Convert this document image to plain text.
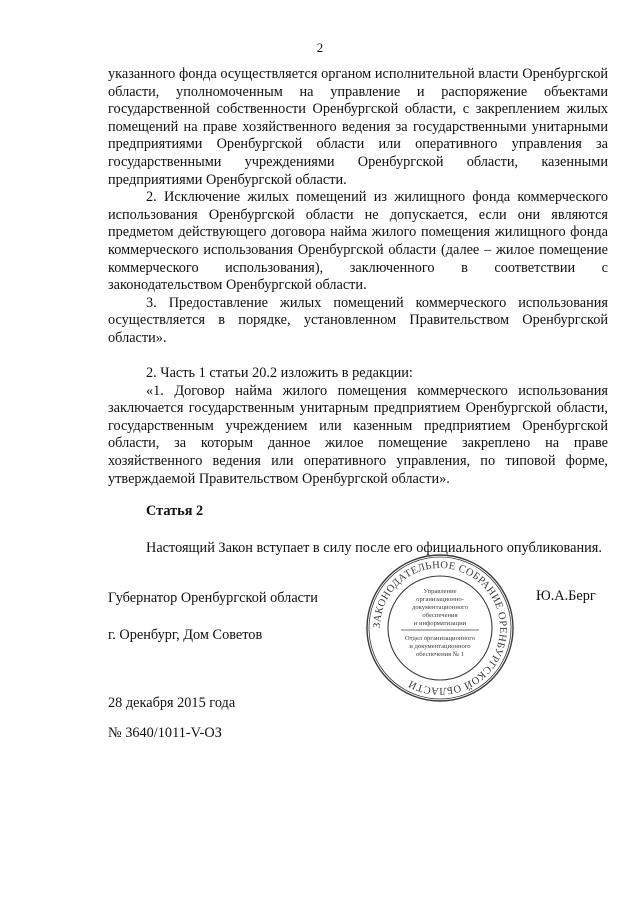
2

указанного фонда осуществляется органом исполнительной власти Оренбургской области, уполномоченным на управление и распоряжение объектами государственной собственности Оренбургской области, с закреплением жилых помещений на праве хозяйственного ведения за государственными унитарными предприятиями Оренбургской области или оперативного управления за государственными учреждениями Оренбургской области, казенными предприятиями Оренбургской области.

2. Исключение жилых помещений из жилищного фонда коммерческого использования Оренбургской области не допускается, если они являются предметом действующего договора найма жилого помещения жилищного фонда коммерческого использования Оренбургской области (далее – жилое помещение коммерческого использования), заключенного в соответствии с законодательством Оренбургской области.

3. Предоставление жилых помещений коммерческого использования осуществляется в порядке, установленном Правительством Оренбургской области».

2. Часть 1 статьи 20.2 изложить в редакции:

«1. Договор найма жилого помещения коммерческого использования заключается государственным унитарным предприятием Оренбургской области, государственным учреждением или казенным предприятием Оренбургской области, за которым данное жилое помещение закреплено на праве хозяйственного ведения или оперативного управления, по типовой форме, утверждаемой Правительством Оренбургской области».

Статья 2

Настоящий Закон вступает в силу после его официального опубликования.

Губернатор Оренбургской области	Ю.А.Берг
г. Оренбург, Дом Советов
28 декабря 2015 года
№ 3640/1011-V-ОЗ
ЗАКОНОДАТЕЛЬНОЕ СОБРАНИЕ ОРЕНБУРГСКОЙ ОБЛАСТИ
Управление
организационно-
документационного
обеспечения
и информатизации
Отдел организационного
и документационного
обеспечения № 1
